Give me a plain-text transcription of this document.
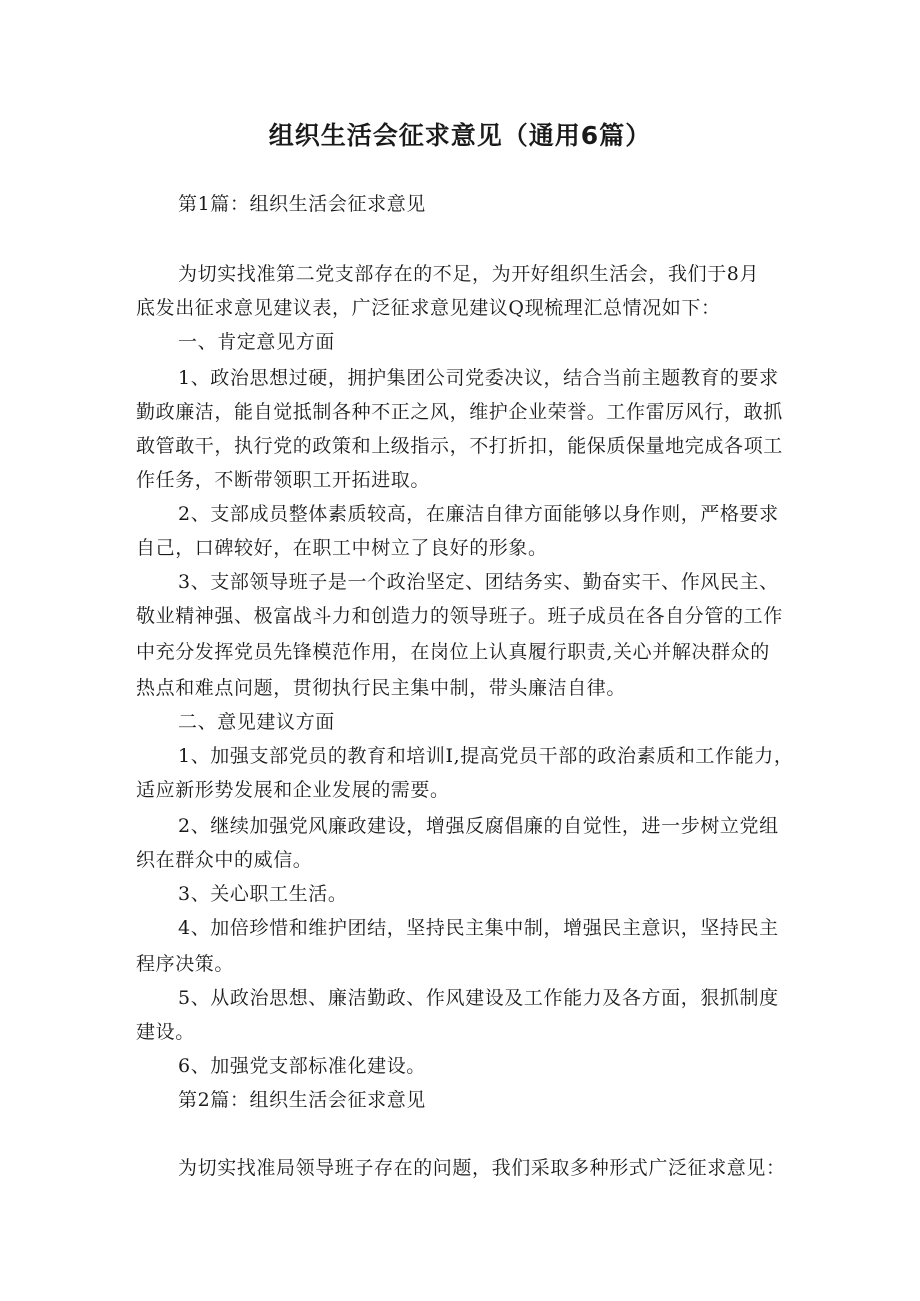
组织生活会征求意见（通用6篇）

第1篇：组织生活会征求意见

为切实找准第二党支部存在的不足，为开好组织生活会，我们于8月

底发出征求意见建议表，广泛征求意见建议Q现梳理汇总情况如下：

一、肯定意见方面

1、政治思想过硬，拥护集团公司党委决议，结合当前主题教育的要求

勤政廉洁，能自觉抵制各种不正之风，维护企业荣誉。工作雷厉风行，敢抓

敢管敢干，执行党的政策和上级指示，不打折扣，能保质保量地完成各项工

作任务，不断带领职工开拓进取。

2、支部成员整体素质较高，在廉洁自律方面能够以身作则，严格要求

自己，口碑较好，在职工中树立了良好的形象。

3、支部领导班子是一个政治坚定、团结务实、勤奋实干、作风民主、

敬业精神强、极富战斗力和创造力的领导班子。班子成员在各自分管的工作

中充分发挥党员先锋模范作用，在岗位上认真履行职责,关心并解决群众的

热点和难点问题，贯彻执行民主集中制，带头廉洁自律。

二、意见建议方面

1、加强支部党员的教育和培训I,提高党员干部的政治素质和工作能力，

适应新形势发展和企业发展的需要。

2、继续加强党风廉政建设，增强反腐倡廉的自觉性，进一步树立党组

织在群众中的威信。

3、关心职工生活。

4、加倍珍惜和维护团结，坚持民主集中制，增强民主意识，坚持民主

程序决策。

5、从政治思想、廉洁勤政、作风建设及工作能力及各方面，狠抓制度

建设。

6、加强党支部标准化建设。

第2篇：组织生活会征求意见

为切实找准局领导班子存在的问题，我们采取多种形式广泛征求意见：
